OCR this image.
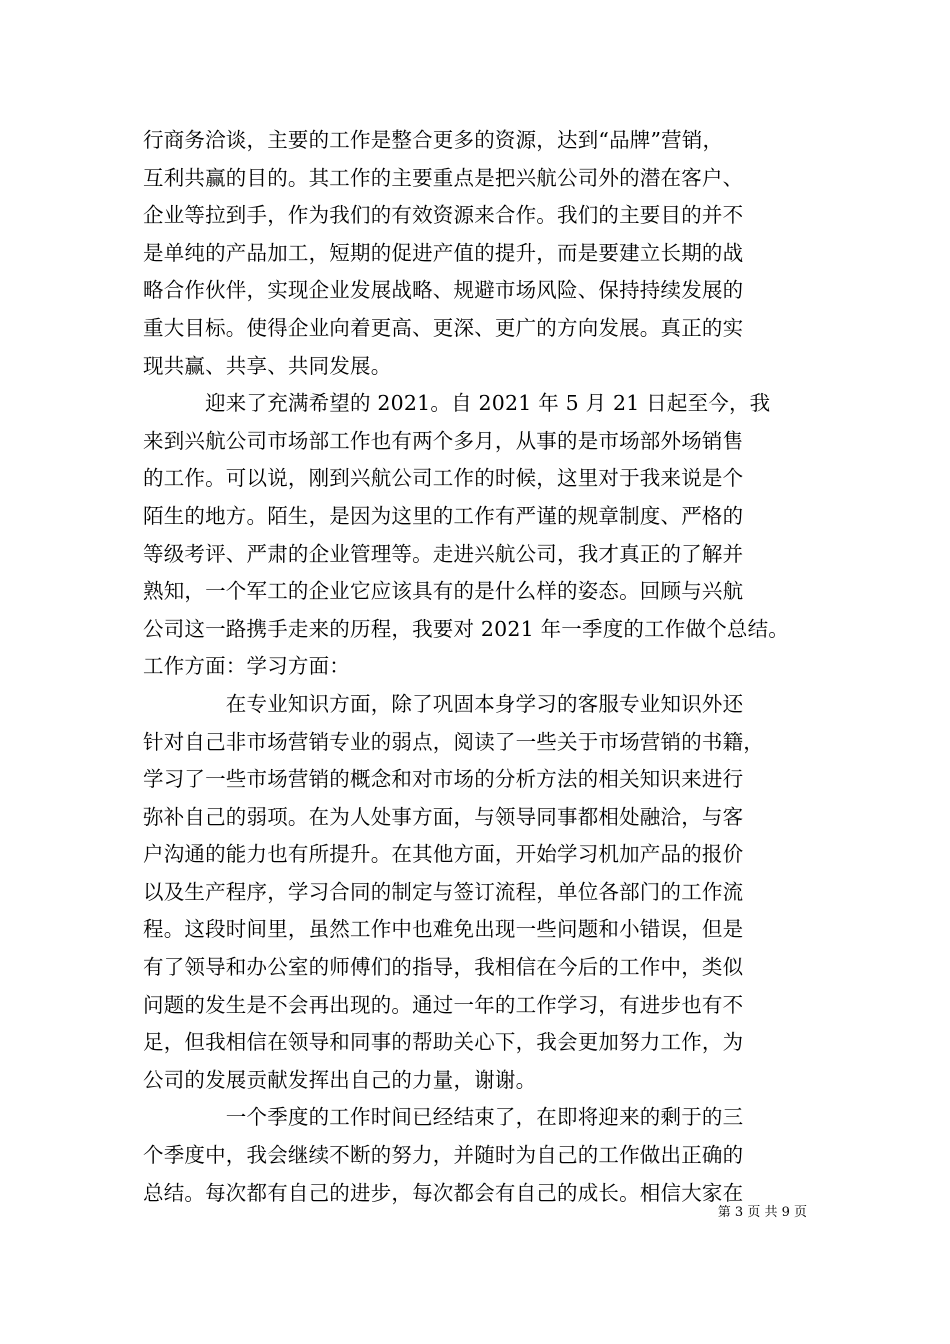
行商务洽谈，主要的工作是整合更多的资源，达到“品牌”营销，
互利共赢的目的。其工作的主要重点是把兴航公司外的潜在客户、
企业等拉到手，作为我们的有效资源来合作。我们的主要目的并不
是单纯的产品加工，短期的促进产值的提升，而是要建立长期的战
略合作伙伴，实现企业发展战略、规避市场风险、保持持续发展的
重大目标。使得企业向着更高、更深、更广的方向发展。真正的实
现共赢、共享、共同发展。
　　　迎来了充满希望的 2021。自 2021 年 5 月 21 日起至今，我
来到兴航公司市场部工作也有两个多月，从事的是市场部外场销售
的工作。可以说，刚到兴航公司工作的时候，这里对于我来说是个
陌生的地方。陌生，是因为这里的工作有严谨的规章制度、严格的
等级考评、严肃的企业管理等。走进兴航公司，我才真正的了解并
熟知，一个军工的企业它应该具有的是什么样的姿态。回顾与兴航
公司这一路携手走来的历程，我要对 2021 年一季度的工作做个总结。
工作方面：学习方面：
　　　　在专业知识方面，除了巩固本身学习的客服专业知识外还
针对自己非市场营销专业的弱点，阅读了一些关于市场营销的书籍，
学习了一些市场营销的概念和对市场的分析方法的相关知识来进行
弥补自己的弱项。在为人处事方面，与领导同事都相处融洽，与客
户沟通的能力也有所提升。在其他方面，开始学习机加产品的报价
以及生产程序，学习合同的制定与签订流程，单位各部门的工作流
程。这段时间里，虽然工作中也难免出现一些问题和小错误，但是
有了领导和办公室的师傅们的指导，我相信在今后的工作中，类似
问题的发生是不会再出现的。通过一年的工作学习，有进步也有不
足，但我相信在领导和同事的帮助关心下，我会更加努力工作，为
公司的发展贡献发挥出自己的力量，谢谢。
　　　　一个季度的工作时间已经结束了，在即将迎来的剩于的三
个季度中，我会继续不断的努力，并随时为自己的工作做出正确的
总结。每次都有自己的进步，每次都会有自己的成长。相信大家在
第 3 页 共 9 页
